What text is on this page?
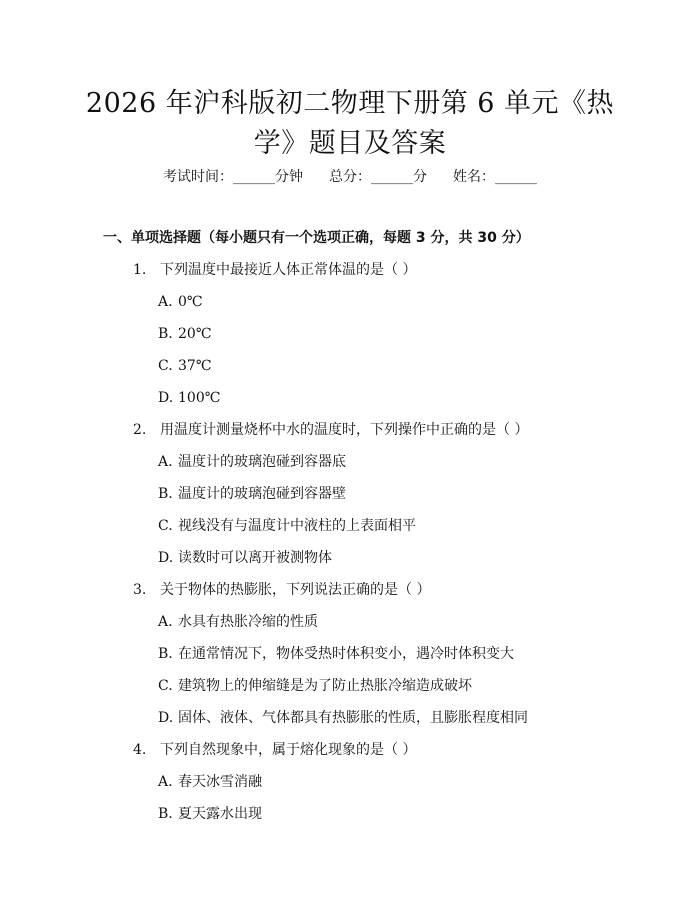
2026 年沪科版初二物理下册第 6 单元《热
学》题目及答案
考试时间：______分钟 总分：______分 姓名：______
一、单项选择题（每小题只有一个选项正确，每题 3 分，共 30 分）
1. 下列温度中最接近人体正常体温的是（ ）
A. 0℃
B. 20℃
C. 37℃
D. 100℃
2. 用温度计测量烧杯中水的温度时，下列操作中正确的是（ ）
A. 温度计的玻璃泡碰到容器底
B. 温度计的玻璃泡碰到容器壁
C. 视线没有与温度计中液柱的上表面相平
D. 读数时可以离开被测物体
3. 关于物体的热膨胀，下列说法正确的是（ ）
A. 水具有热胀冷缩的性质
B. 在通常情况下，物体受热时体积变小，遇冷时体积变大
C. 建筑物上的伸缩缝是为了防止热胀冷缩造成破坏
D. 固体、液体、气体都具有热膨胀的性质，且膨胀程度相同
4. 下列自然现象中，属于熔化现象的是（ ）
A. 春天冰雪消融
B. 夏天露水出现
